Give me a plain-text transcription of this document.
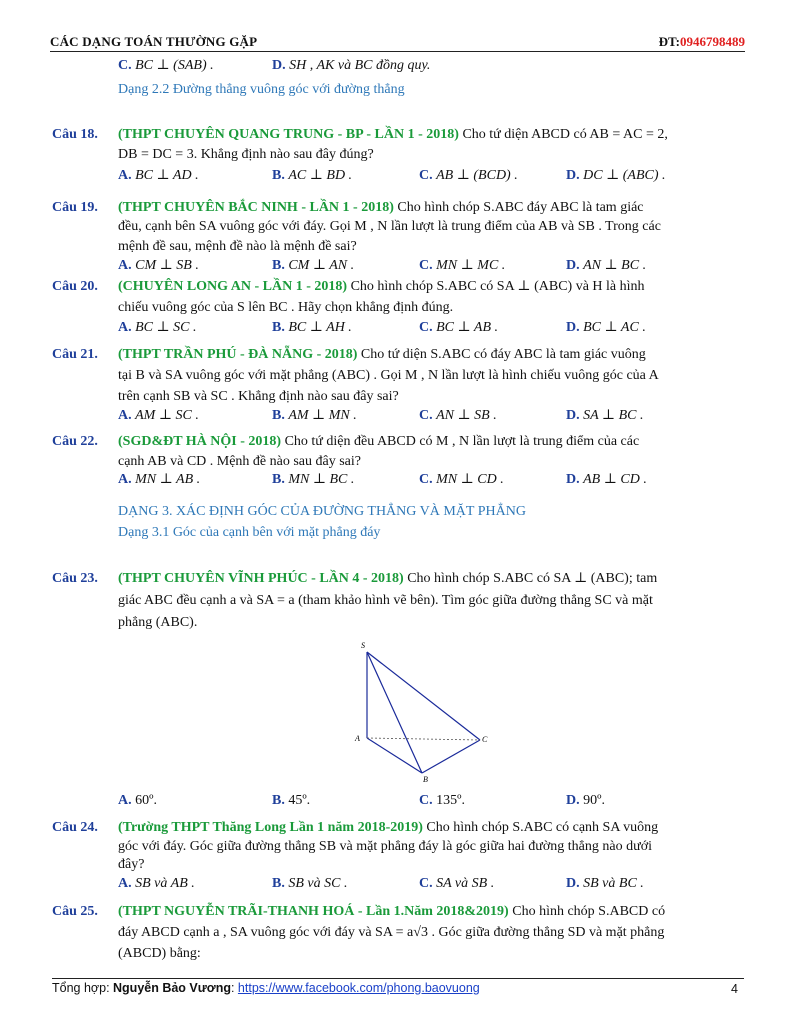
CÁC DẠNG TOÁN THƯỜNG GẶP	ĐT:0946798489
C. BC ⊥ (SAB) .	D. SH , AK và BC đồng quy.
Dạng 2.2 Đường thẳng vuông góc với đường thẳng
Câu 18. (THPT CHUYÊN QUANG TRUNG - BP - LẦN 1 - 2018) Cho tứ diện ABCD có AB = AC = 2,
DB = DC = 3. Khẳng định nào sau đây đúng?
A. BC ⊥ AD .	B. AC ⊥ BD .	C. AB ⊥ (BCD) .	D. DC ⊥ (ABC) .
Câu 19. (THPT CHUYÊN BẮC NINH - LẦN 1 - 2018) Cho hình chóp S.ABC đáy ABC là tam giác
đều, cạnh bên SA vuông góc với đáy. Gọi M , N lần lượt là trung điểm của AB và SB . Trong các
mệnh đề sau, mệnh đề nào là mệnh đề sai?
A. CM ⊥ SB .	B. CM ⊥ AN .	C. MN ⊥ MC .	D. AN ⊥ BC .
Câu 20. (CHUYÊN LONG AN - LẦN 1 - 2018) Cho hình chóp S.ABC có SA ⊥ (ABC) và H là hình
chiếu vuông góc của S lên BC . Hãy chọn khẳng định đúng.
A. BC ⊥ SC .	B. BC ⊥ AH .	C. BC ⊥ AB .	D. BC ⊥ AC .
Câu 21. (THPT TRẦN PHÚ - ĐÀ NẴNG - 2018) Cho tứ diện S.ABC có đáy ABC là tam giác vuông
tại B và SA vuông góc với mặt phẳng (ABC) . Gọi M , N lần lượt là hình chiếu vuông góc của A
trên cạnh SB và SC . Khẳng định nào sau đây sai?
A. AM ⊥ SC .	B. AM ⊥ MN .	C. AN ⊥ SB .	D. SA ⊥ BC .
Câu 22. (SGD&ĐT HÀ NỘI - 2018) Cho tứ diện đều ABCD có M , N lần lượt là trung điểm của các
cạnh AB và CD . Mệnh đề nào sau đây sai?
A. MN ⊥ AB .	B. MN ⊥ BC .	C. MN ⊥ CD .	D. AB ⊥ CD .
DẠNG 3. XÁC ĐỊNH GÓC CỦA ĐƯỜNG THẲNG VÀ MẶT PHẲNG
Dạng 3.1 Góc của cạnh bên với mặt phẳng đáy
Câu 23. (THPT CHUYÊN VĨNH PHÚC - LẦN 4 - 2018) Cho hình chóp S.ABC có SA ⊥ (ABC); tam
giác ABC đều cạnh a và SA = a (tham khảo hình vẽ bên). Tìm góc giữa đường thẳng SC và mặt
phẳng (ABC).
S
A
B
C
A. 60º.	B. 45º.	C. 135º.	D. 90º.
Câu 24. (Trường THPT Thăng Long Lần 1 năm 2018-2019) Cho hình chóp S.ABC có cạnh SA vuông
góc với đáy. Góc giữa đường thẳng SB và mặt phẳng đáy là góc giữa hai đường thẳng nào dưới
đây?
A. SB và AB .	B. SB và SC .	C. SA và SB .	D. SB và BC .
Câu 25. (THPT NGUYỄN TRÃI-THANH HOÁ - Lần 1.Năm 2018&2019) Cho hình chóp S.ABCD có
đáy ABCD cạnh a , SA vuông góc với đáy và SA = a√3 . Góc giữa đường thẳng SD và mặt phẳng
(ABCD) bằng:
Tổng hợp: Nguyễn Bảo Vương: https://www.facebook.com/phong.baovuong	4
